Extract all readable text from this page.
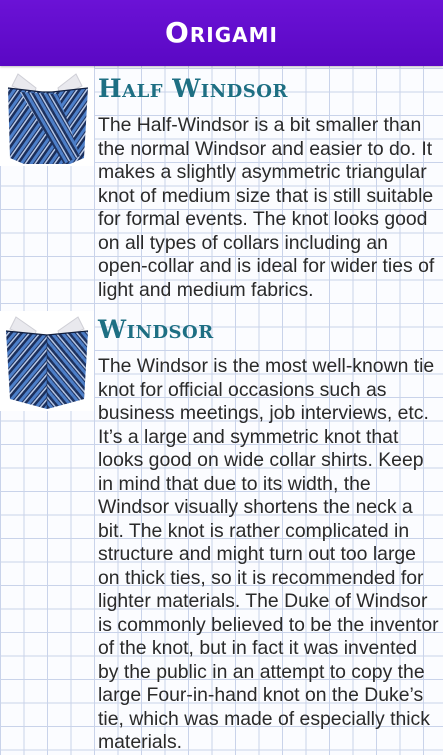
Origami
Half Windsor

The Half-Windsor is a bit smaller than the normal Windsor and easier to do. It makes a slightly asymmetric triangular knot of medium size that is still suitable for formal events. The knot looks good on all types of collars including an open-collar and is ideal for wider ties of light and medium fabrics.

Windsor

The Windsor is the most well-known tie knot for official occasions such as business meetings, job interviews, etc. It’s a large and symmetric knot that looks good on wide collar shirts. Keep in mind that due to its width, the Windsor visually shortens the neck a bit. The knot is rather complicated in structure and might turn out too large on thick ties, so it is recommended for lighter materials. The Duke of Windsor is commonly believed to be the inventor of the knot, but in fact it was invented by the public in an attempt to copy the large Four-in-hand knot on the Duke’s tie, which was made of especially thick materials.
